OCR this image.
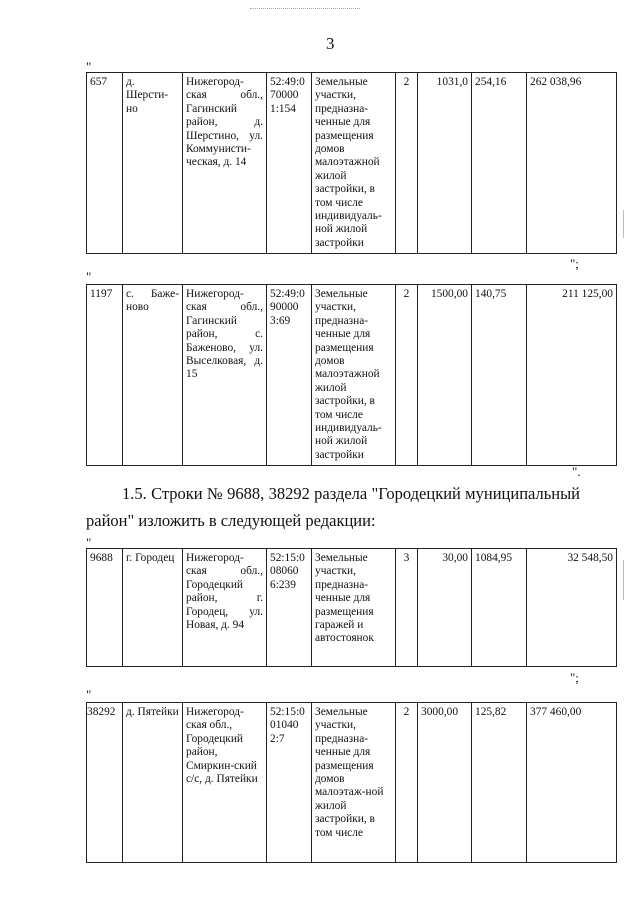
3
"
657	д. Шерсти-но	Нижегород-ская обл., Гагинский район, д. Шерстино, ул. Коммунисти-ческая, д. 14	52:49:070000 1:154	Земельные участки, предназна-ченные для размещения домов малоэтажной жилой застройки, в том числе индивидуаль-ной жилой застройки	2	1031,0	254,16	262 038,96
";
"
1197	с. Баже-ново	Нижегород-ская обл., Гагинский район, с. Баженово, ул. Выселковая, д. 15	52:49:090000 3:69	Земельные участки, предназна-ченные для размещения домов малоэтажной жилой застройки, в том числе индивидуаль-ной жилой застройки	2	1500,00	140,75	211 125,00
".
1.5. Строки № 9688, 38292 раздела "Городецкий муниципальный
район" изложить в следующей редакции:
"
9688	г. Городец	Нижегород-ская обл., Городецкий район, г. Городец, ул. Новая, д. 94	52:15:008060 6:239	Земельные участки, предназна-ченные для размещения гаражей и автостоянок	3	30,00	1084,95	32 548,50
";
"
38292	д. Пятейки	Нижегород-ская обл., Городецкий район, Смиркин-ский с/с, д. Пятейки	52:15:001040 2:7	Земельные участки, предназна-ченные для размещения домов малоэтаж-ной жилой застройки, в том числе	2	3000,00	125,82	377 460,00
